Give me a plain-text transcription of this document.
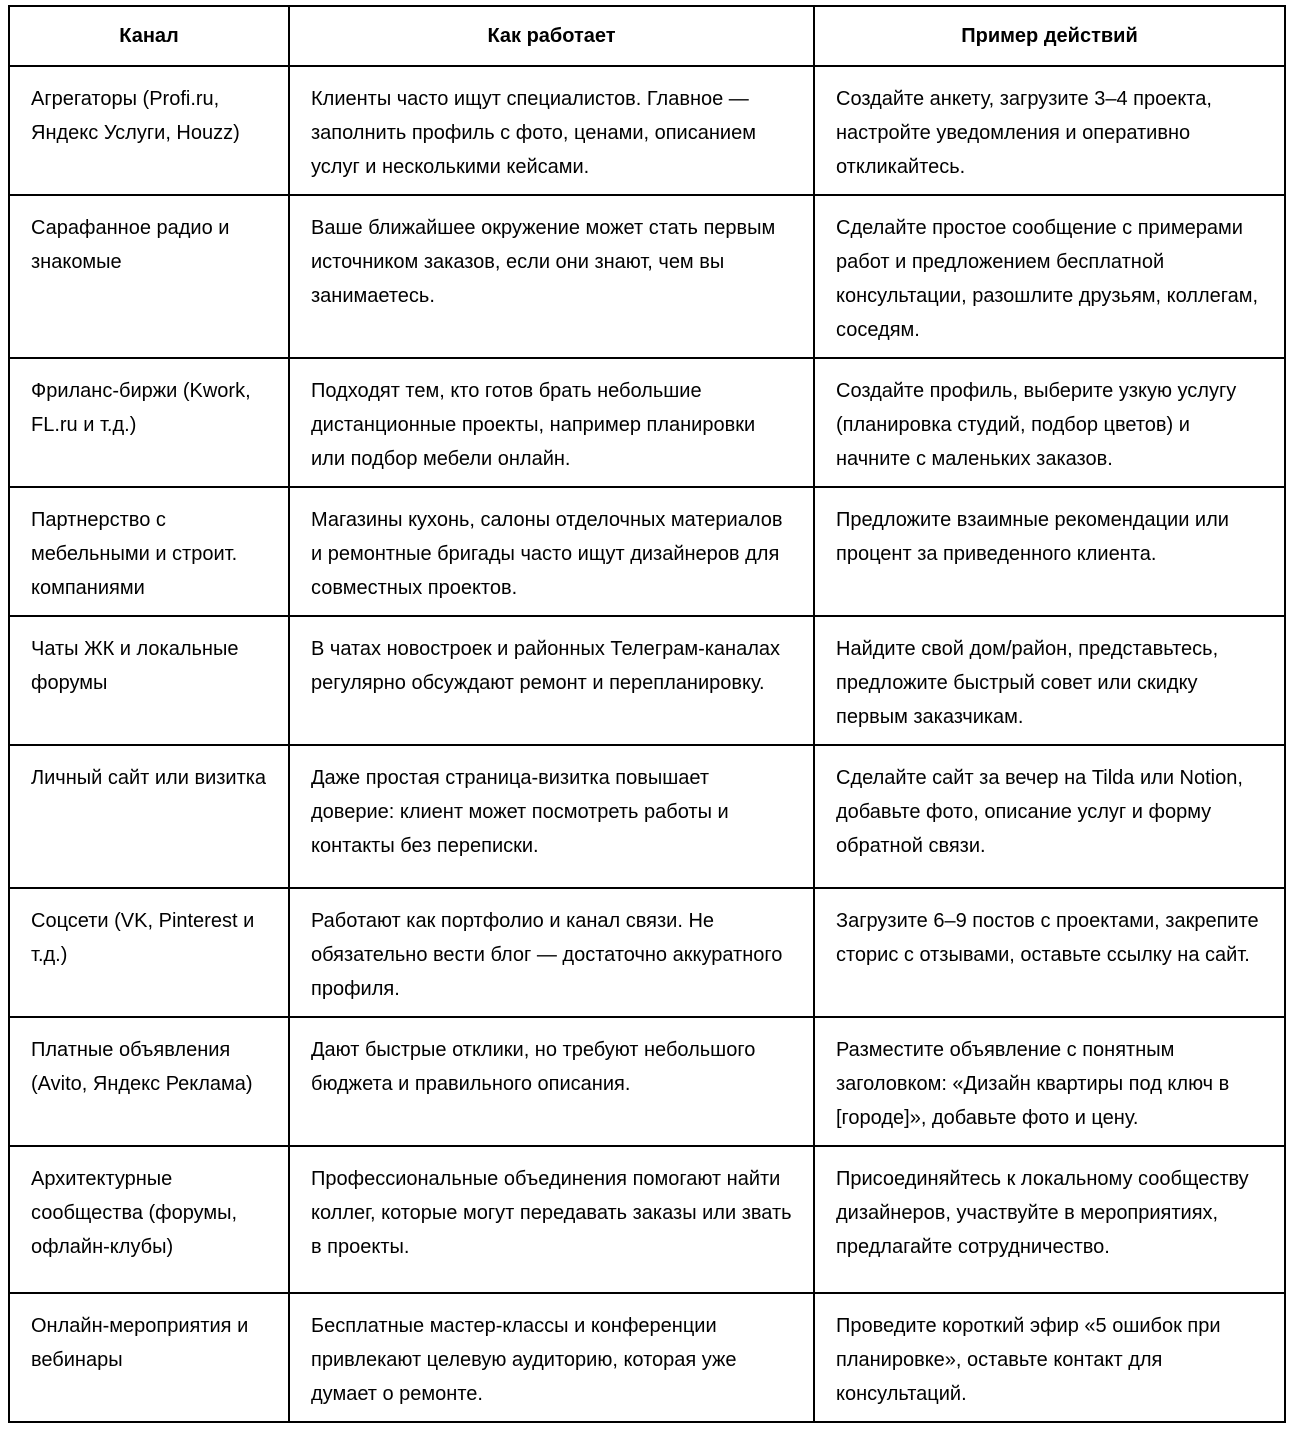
Канал	Как работает	Пример действий
Агрегаторы (Profi.ru, Яндекс Услуги, Houzz)	Клиенты часто ищут специалистов. Главное — заполнить профиль с фото, ценами, описанием услуг и несколькими кейсами.	Создайте анкету, загрузите 3–4 проекта, настройте уведомления и оперативно откликайтесь.
Сарафанное радио и знакомые	Ваше ближайшее окружение может стать первым источником заказов, если они знают, чем вы занимаетесь.	Сделайте простое сообщение с примерами работ и предложением бесплатной консультации, разошлите друзьям, коллегам, соседям.
Фриланс-биржи (Kwork, FL.ru и т.д.)	Подходят тем, кто готов брать небольшие дистанционные проекты, например планировки или подбор мебели онлайн.	Создайте профиль, выберите узкую услугу (планировка студий, подбор цветов) и начните с маленьких заказов.
Партнерство с мебельными и строит. компаниями	Магазины кухонь, салоны отделочных материалов и ремонтные бригады часто ищут дизайнеров для совместных проектов.	Предложите взаимные рекомендации или процент за приведенного клиента.
Чаты ЖК и локальные форумы	В чатах новостроек и районных Телеграм-каналах регулярно обсуждают ремонт и перепланировку.	Найдите свой дом/район, представьтесь, предложите быстрый совет или скидку первым заказчикам.
Личный сайт или визитка	Даже простая страница-визитка повышает доверие: клиент может посмотреть работы и контакты без переписки.	Сделайте сайт за вечер на Tilda или Notion, добавьте фото, описание услуг и форму обратной связи.
Соцсети (VK, Pinterest и т.д.)	Работают как портфолио и канал связи. Не обязательно вести блог — достаточно аккуратного профиля.	Загрузите 6–9 постов с проектами, закрепите сторис с отзывами, оставьте ссылку на сайт.
Платные объявления (Avito, Яндекс Реклама)	Дают быстрые отклики, но требуют небольшого бюджета и правильного описания.	Разместите объявление с понятным заголовком: «Дизайн квартиры под ключ в [городе]», добавьте фото и цену.
Архитектурные сообщества (форумы, офлайн-клубы)	Профессиональные объединения помогают найти коллег, которые могут передавать заказы или звать в проекты.	Присоединяйтесь к локальному сообществу дизайнеров, участвуйте в мероприятиях, предлагайте сотрудничество.
Онлайн-мероприятия и вебинары	Бесплатные мастер-классы и конференции привлекают целевую аудиторию, которая уже думает о ремонте.	Проведите короткий эфир «5 ошибок при планировке», оставьте контакт для консультаций.
